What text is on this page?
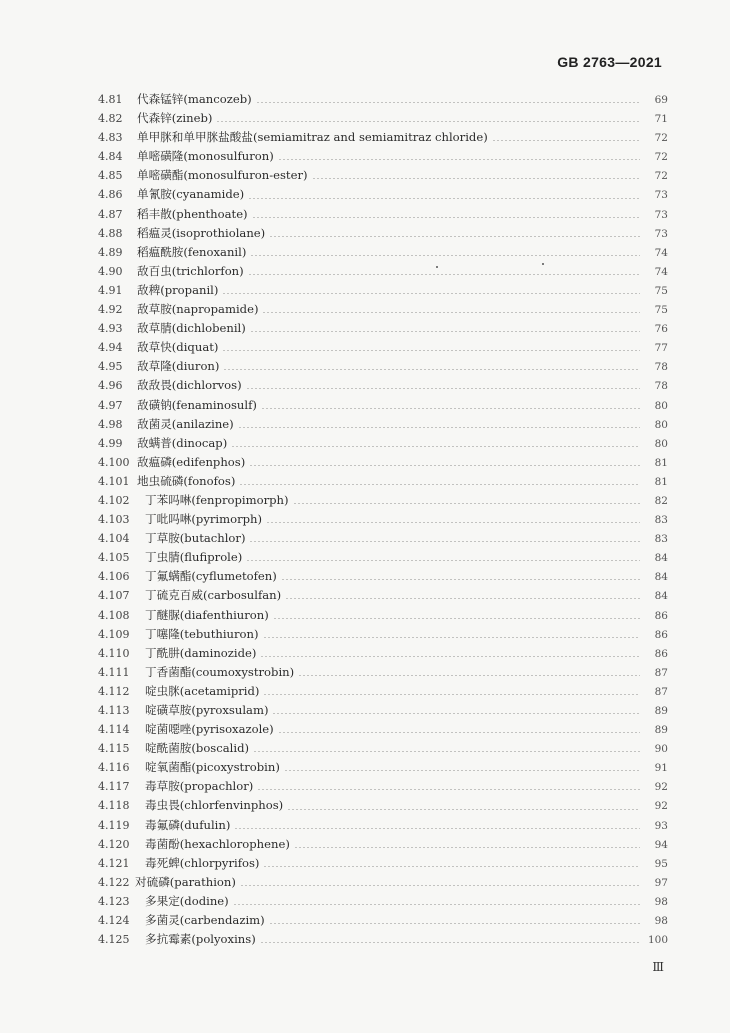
GB 2763—2021
4.81	代森锰锌(mancozeb)	69
4.82	代森锌(zineb)	71
4.83	单甲脒和单甲脒盐酸盐(semiamitraz and semiamitraz chloride)	72
4.84	单嘧磺隆(monosulfuron)	72
4.85	单嘧磺酯(monosulfuron-ester)	72
4.86	单氰胺(cyanamide)	73
4.87	稻丰散(phenthoate)	73
4.88	稻瘟灵(isoprothiolane)	73
4.89	稻瘟酰胺(fenoxanil)	74
4.90	敌百虫(trichlorfon)	74
4.91	敌稗(propanil)	75
4.92	敌草胺(napropamide)	75
4.93	敌草腈(dichlobenil)	76
4.94	敌草快(diquat)	77
4.95	敌草隆(diuron)	78
4.96	敌敌畏(dichlorvos)	78
4.97	敌磺钠(fenaminosulf)	80
4.98	敌菌灵(anilazine)	80
4.99	敌螨普(dinocap)	80
4.100 敌瘟磷(edifenphos)	81
4.101 地虫硫磷(fonofos)	81
4.102	丁苯吗啉(fenpropimorph)	82
4.103	丁吡吗啉(pyrimorph)	83
4.104	丁草胺(butachlor)	83
4.105	丁虫腈(flufiprole)	84
4.106	丁氟螨酯(cyflumetofen)	84
4.107	丁硫克百威(carbosulfan)	84
4.108	丁醚脲(diafenthiuron)	86
4.109	丁噻隆(tebuthiuron)	86
4.110	丁酰肼(daminozide)	86
4.111	丁香菌酯(coumoxystrobin)	87
4.112	啶虫脒(acetamiprid)	87
4.113	啶磺草胺(pyroxsulam)	89
4.114	啶菌噁唑(pyrisoxazole)	89
4.115	啶酰菌胺(boscalid)	90
4.116	啶氧菌酯(picoxystrobin)	91
4.117	毒草胺(propachlor)	92
4.118	毒虫畏(chlorfenvinphos)	92
4.119	毒氟磷(dufulin)	93
4.120	毒菌酚(hexachlorophene)	94
4.121	毒死蜱(chlorpyrifos)	95
4.122 对硫磷(parathion)	97
4.123	多果定(dodine)	98
4.124	多菌灵(carbendazim)	98
4.125	多抗霉素(polyoxins)	100
Ⅲ
